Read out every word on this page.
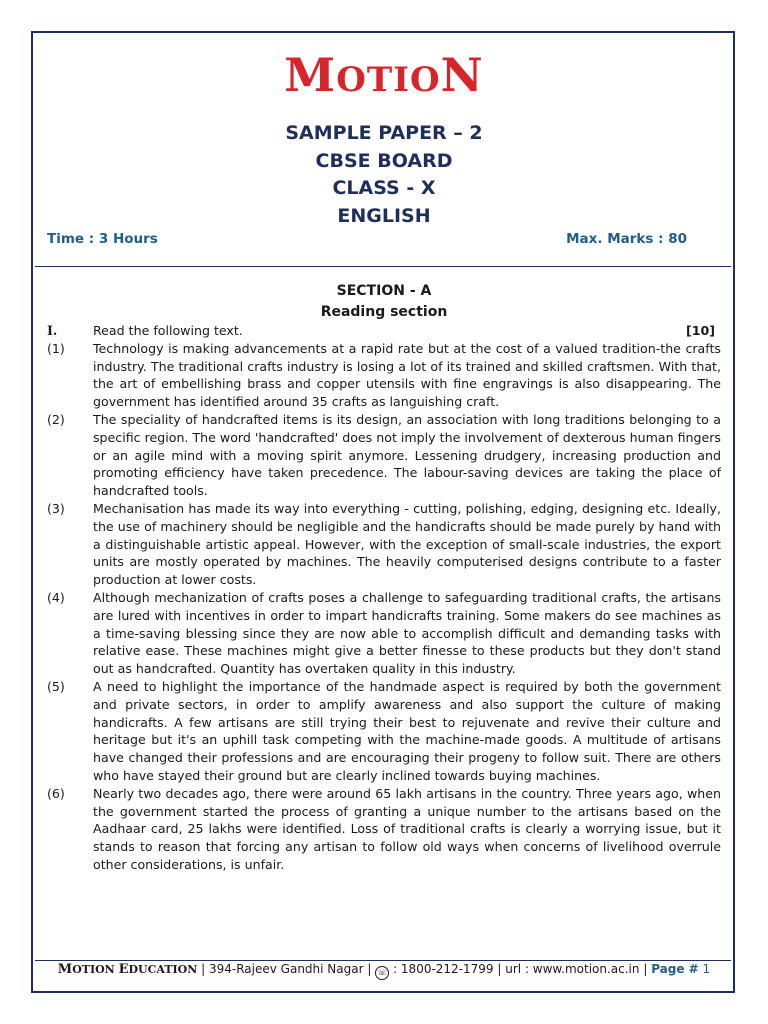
MOTION
SAMPLE PAPER – 2
CBSE BOARD
CLASS - X
ENGLISH
Time : 3 Hours	Max. Marks : 80
SECTION - A
Reading section
I.	Read the following text.	[10]
(1)	Technology is making advancements at a rapid rate but at the cost of a valued tradition-the crafts industry. The traditional crafts industry is losing a lot of its trained and skilled craftsmen. With that, the art of embellishing brass and copper utensils with fine engravings is also disappearing. The government has identified around 35 crafts as languishing craft.
(2)	The speciality of handcrafted items is its design, an association with long traditions belonging to a specific region. The word 'handcrafted' does not imply the involvement of dexterous human fingers or an agile mind with a moving spirit anymore. Lessening drudgery, increasing production and promoting efficiency have taken precedence. The labour-saving devices are taking the place of handcrafted tools.
(3)	Mechanisation has made its way into everything - cutting, polishing, edging, designing etc. Ideally, the use of machinery should be negligible and the handicrafts should be made purely by hand with a distinguishable artistic appeal. However, with the exception of small-scale industries, the export units are mostly operated by machines. The heavily computerised designs contribute to a faster production at lower costs.
(4)	Although mechanization of crafts poses a challenge to safeguarding traditional crafts, the artisans are lured with incentives in order to impart handicrafts training. Some makers do see machines as a time-saving blessing since they are now able to accomplish difficult and demanding tasks with relative ease. These machines might give a better finesse to these products but they don't stand out as handcrafted. Quantity has overtaken quality in this industry.
(5)	A need to highlight the importance of the handmade aspect is required by both the government and private sectors, in order to amplify awareness and also support the culture of making handicrafts. A few artisans are still trying their best to rejuvenate and revive their culture and heritage but it's an uphill task competing with the machine-made goods. A multitude of artisans have changed their professions and are encouraging their progeny to follow suit. There are others who have stayed their ground but are clearly inclined towards buying machines.
(6)	Nearly two decades ago, there were around 65 lakh artisans in the country. Three years ago, when the government started the process of granting a unique number to the artisans based on the Aadhaar card, 25 lakhs were identified. Loss of traditional crafts is clearly a worrying issue, but it stands to reason that forcing any artisan to follow old ways when concerns of livelihood overrule other considerations, is unfair.
MOTION EDUCATION | 394-Rajeev Gandhi Nagar | ☏ : 1800-212-1799 | url : www.motion.ac.in | Page # 1
